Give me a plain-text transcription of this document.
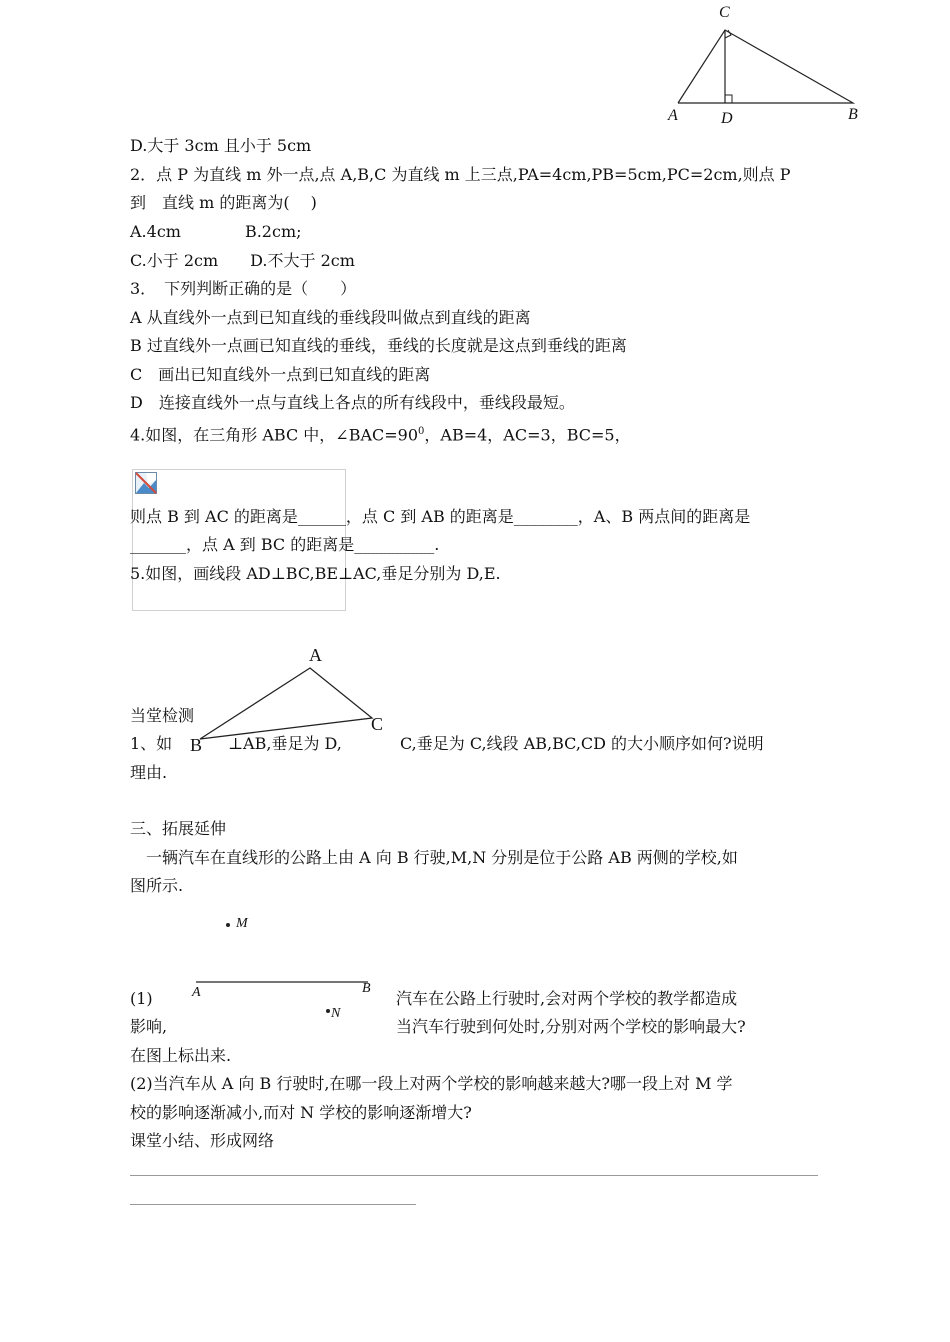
C
A	D	B
D.大于 3cm 且小于 5cm
2．点 P 为直线 m 外一点,点 A,B,C 为直线 m 上三点,PA=4cm,PB=5cm,PC=2cm,则点 P
到　直线 m 的距离为(　 )
A.4cm　　　　B.2cm;
C.小于 2cm　　D.不大于 2cm
3．　下列判断正确的是（　　）
A 从直线外一点到已知直线的垂线段叫做点到直线的距离
B 过直线外一点画已知直线的垂线，垂线的长度就是这点到垂线的距离
C　画出已知直线外一点到已知直线的距离
D　连接直线外一点与直线上各点的所有线段中，垂线段最短。
4.如图，在三角形 ABC 中，$\angle BAC=90^0$，AB=4，AC=3，BC=5，
则点 B 到 AC 的距离是______，点 C 到 AB 的距离是________，A、B 两点间的距离是
_______，点 A 到 BC 的距离是__________.
5.如图，画线段 AD⊥BC,BE⊥AC,垂足分别为 D,E.
A
C
B
当堂检测
1、如	⊥AB,垂足为 D,	C,垂足为 C,线段 AB,BC,CD 的大小顺序如何?说明
理由.
三、拓展延伸
　一辆汽车在直线形的公路上由 A 向 B 行驶,M,N 分别是位于公路 AB 两侧的学校,如
图所示.
M
A	B
N
(1)	汽车在公路上行驶时,会对两个学校的教学都造成
影响,	当汽车行驶到何处时,分别对两个学校的影响最大?
在图上标出来.
(2)当汽车从 A 向 B 行驶时,在哪一段上对两个学校的影响越来越大?哪一段上对 M 学
校的影响逐渐减小,而对 N 学校的影响逐渐增大?
课堂小结、形成网络
